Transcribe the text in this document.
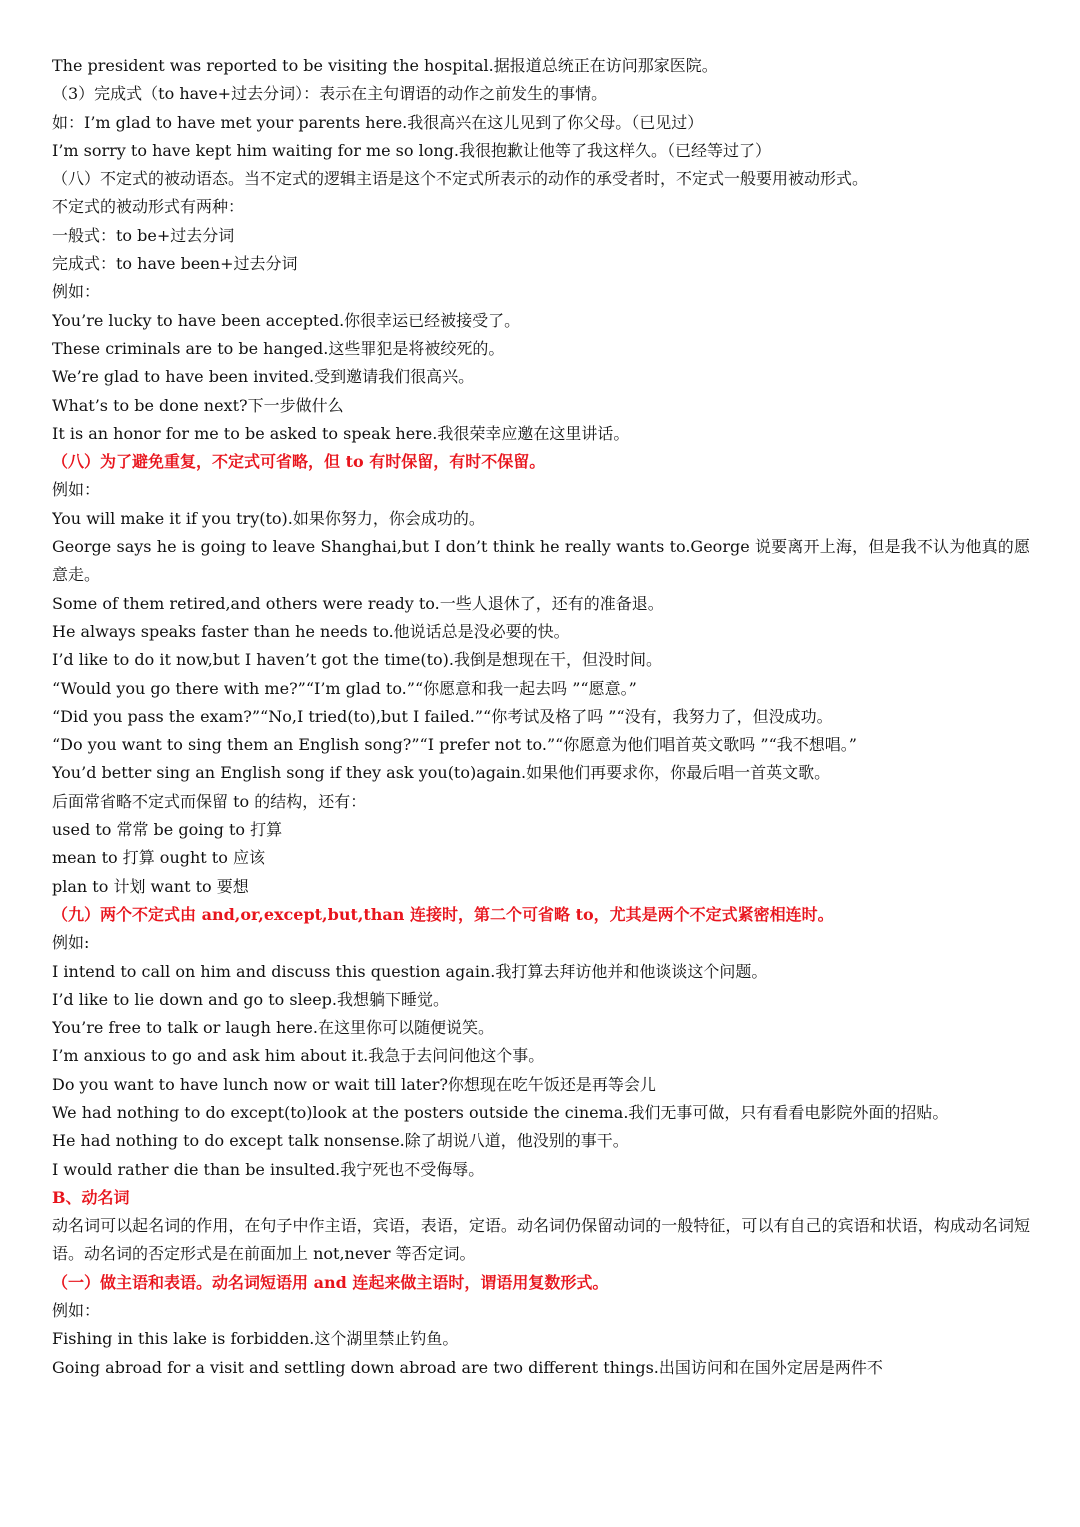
The president was reported to be visiting the hospital.据报道总统正在访问那家医院。
（3）完成式（to have+过去分词）：表示在主句谓语的动作之前发生的事情。
如：I’m glad to have met your parents here.我很高兴在这儿见到了你父母。（已见过）
I’m sorry to have kept him waiting for me so long.我很抱歉让他等了我这样久。（已经等过了）
（八）不定式的被动语态。当不定式的逻辑主语是这个不定式所表示的动作的承受者时，不定式一般要用被动形式。
不定式的被动形式有两种：
一般式：to be+过去分词
完成式：to have been+过去分词
例如：
You’re lucky to have been accepted.你很幸运已经被接受了。
These criminals are to be hanged.这些罪犯是将被绞死的。
We’re glad to have been invited.受到邀请我们很高兴。
What’s to be done next?下一步做什么
It is an honor for me to be asked to speak here.我很荣幸应邀在这里讲话。
（八）为了避免重复，不定式可省略，但 to 有时保留，有时不保留。
例如：
You will make it if you try(to).如果你努力，你会成功的。
George says he is going to leave Shanghai,but I don’t think he really wants to.George 说要离开上海，但是我不认为他真的愿意走。
Some of them retired,and others were ready to.一些人退休了，还有的准备退。
He always speaks faster than he needs to.他说话总是没必要的快。
I’d like to do it now,but I haven’t got the time(to).我倒是想现在干，但没时间。
“Would you go there with me?”“I’m glad to.”“你愿意和我一起去吗 ”“愿意。”
“Did you pass the exam?”“No,I tried(to),but I failed.”“你考试及格了吗 ”“没有，我努力了，但没成功。
“Do you want to sing them an English song?”“I prefer not to.”“你愿意为他们唱首英文歌吗 ”“我不想唱。”
You’d better sing an English song if they ask you(to)again.如果他们再要求你，你最后唱一首英文歌。
后面常省略不定式而保留 to 的结构，还有：
used to 常常 be going to 打算
mean to 打算 ought to 应该
plan to 计划 want to 要想
（九）两个不定式由 and,or,except,but,than 连接时，第二个可省略 to，尤其是两个不定式紧密相连时。
例如:
I intend to call on him and discuss this question again.我打算去拜访他并和他谈谈这个问题。
I’d like to lie down and go to sleep.我想躺下睡觉。
You’re free to talk or laugh here.在这里你可以随便说笑。
I’m anxious to go and ask him about it.我急于去问问他这个事。
Do you want to have lunch now or wait till later?你想现在吃午饭还是再等会儿
We had nothing to do except(to)look at the posters outside the cinema.我们无事可做，只有看看电影院外面的招贴。
He had nothing to do except talk nonsense.除了胡说八道，他没别的事干。
I would rather die than be insulted.我宁死也不受侮辱。
B、动名词
动名词可以起名词的作用，在句子中作主语，宾语，表语，定语。动名词仍保留动词的一般特征，可以有自己的宾语和状语，构成动名词短语。动名词的否定形式是在前面加上 not,never 等否定词。
（一）做主语和表语。动名词短语用 and 连起来做主语时，谓语用复数形式。
例如：
Fishing in this lake is forbidden.这个湖里禁止钓鱼。
Going abroad for a visit and settling down abroad are two different things.出国访问和在国外定居是两件不
